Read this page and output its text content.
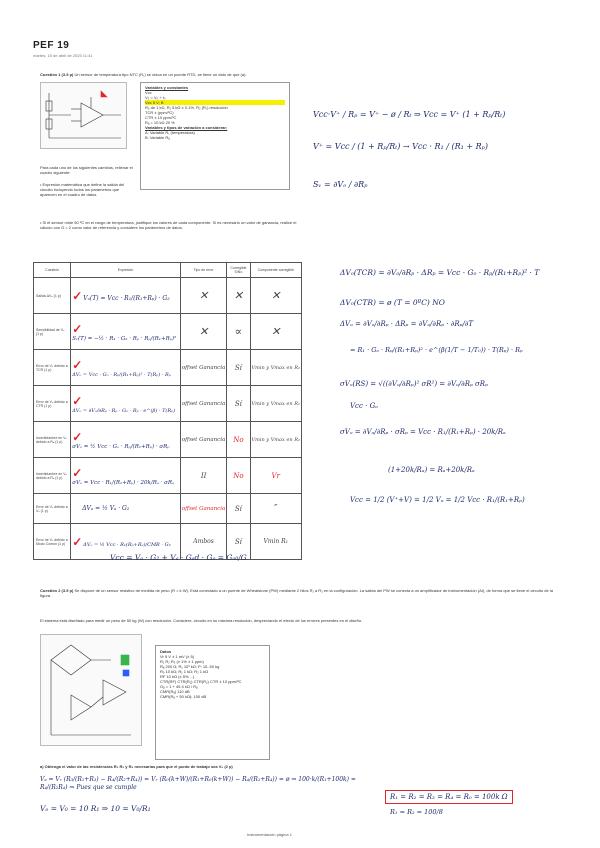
PEF 19
martes, 15 de abril de 2025 11:41
Cuestión 1 (3.5 p) Un sensor de temperatura tipo NTC (Rₜ) se ubica en un puente RTD, se tiene un dato de que (a).
Variables y constantes
Vcc
V₀ = V₀ + t₀
Vcc 5 V; B
R₅ de 1 kΩ, R₁ 5 kΩ ± 0.1%, R₂ (Rₜ) resolución
TCR ± (ppm/ºC)
CTR ± 10 ppm/ºC
Rₐ = 10 kΩ 20 %
Variables y tipos de variación a considerar:
A: Variable Rₜ (temperatura)
B: Variable Rₐ
Para cada uno de los siguientes cambios, rellenar el cuadro siguiente:
• Expresión matemática que define la salida del circuito incluyendo todos los parámetros que aparecen en el cuadro de datos.
• Si el sensor mide 50 ºC en el rango de temperatura, justifique los valores de cada componente. Si es necesario un valor de ganancia, realice el cálculo con G = 2 como valor de referencia y considere los parámetros de datos.
Vcc·V⁺ / Rₚ = V⁺ − ø / Rₜ ⇒ Vcc = V⁺ (1 + Rₚ/Rₜ)
V⁺ = Vcc / (1 + Rₚ/Rₜ) → Vcc · R₁ / (R₁ + Rₚ)
Sᵥ = ∂Vₒ / ∂Rₚ
ΔVₒ(TCR) = ∂Vₒ/∂Rₚ · ΔRₚ = Vcc · Gₒ · Rₚ/(R₁+Rₚ)² · T
ΔVₒ(CTR) = ø (T = 0ºC) NO
ΔVₒ = ∂Vₒ/∂Rₚ · ΔRₚ = ∂Vₒ/∂Rₚ · ∂Rₚ/∂T
= R₁ · Gₒ · Rₚ/(R₁+Rₚ)² · e^(β(1/T − 1/T₀)) · T(Rₚ) · Rₚ
σVₒ(RS) = √((∂Vₒ/∂Rₚ)² σR²) = ∂Vₒ/∂Rₚ σRₚ
Vcc · Gₒ
σVₒ = ∂Vₒ/∂Rₚ · σRₚ = Vcc · R₁/(R₁+Rₚ) · 20k/Rₐ
(1+20k/Rₐ) = Rₐ+20k/Rₐ
Vcc = 1/2 (V⁺+V) = 1/2 Vₒ = 1/2 Vcc · R₁/(R₁+Rₚ)
Cuestión	Expresión	Tipo de error	Corregible S/No	Componente corregible
Salida ΔVₒ (1 p)	✓ Vₒ(T) = Vcc · R₁/(R₁+Rₚ) · G₂	✕	✕	✕
Sensibilidad de Vₒ (1 p)	✓ Sᵥ(T) = −½ · R₁ · G₂ · Rₚ · Rₚ/(R₁+Rₚ)²	✕	∝	✕
Error de Vₒ debido a TCR (1 p)	✓ ΔVₒ = Vcc · Gₒ · Rₚ/(R₁+Rₚ)² · T(Rₚ) · Rₚ	offset Ganancia	Sí	Vmin y Vmax en R₁
Error de Vₒ debido a CTR (1 p)	✓ ΔVₒ = ∂Vₒ/∂Rₚ · Rₚ · Gₒ · Rₚ · e^(β) · T(Rₚ)	offset Ganancia	Sí	Vmin y Vmax en R₁
Incertidumbre en Vₒ debido a Rₐ (1 p)	✓ σVₒ = ½ Vcc · Gₒ · Rₚ/(R₁+Rₚ) · σRₚ	offset Ganancia	No	Vmin y Vmax en R₁
Incertidumbre en Vₒ debido a Rₐ (1 p)	✓ σVₒ = Vcc · R₁/(R₁+Rₚ) · 20k/Rₐ · σRₐ	II	No	Vr
Error de Vₒ debido a Vₒ (1 p)	ΔVₒ = ½ Vₐ · G₂	offset Ganancia	Sí	″
Error de Vₒ debido a Modo Común (1 p)	✓ ΔVₒ = ½ Vcc · R₁(Rₚ+Rₐ)/CMR · G₂	Ambos	Sí	Vmin R₁
Vcc = Vₐ · G₂ + Vₐ · Gₐd · Gₒ = Gₐ₀/G
Cuestión 2 (3.5 p) Se dispone de un sensor resistivo de medida de peso (R = k·W). Está conectado a un puente de Wheatstone (PW) mediante 2 hilos R₁ a R₃ en la configuración. La salida del PW se conecta a un amplificador de instrumentación (AI), de forma que se tiene el circuito de la figura.
El sistema está diseñado para medir un peso de 50 kg (W) con resolución. Considere, circuito en su máxima resolución, despreciando el efecto de los errores presentes en el diseño.
Datos
Vr 5 V ± 1 mV (± 5)
R₁ R₂ R₃ (± 1% ± 1 ppm)
Rₐ 200 Ω; R₁ 10³ kΩ; P: 10..50 kg
R₉ 10 kΩ; R₁ 1 kΩ; R₂ 1 kΩ
RF 10 kΩ (± 5% ...)
CTR(RF) CTR(R₁) CTR(R₂) CTR ± 10 ppm/ºC
Gₐ = 1 + 49.4 kΩ / Rₐ
CMR(Rₐ) 110 dB
CMR(Rₐ + 50 kΩ): 100 dB
a) Obtenga el valor de las resistencias R₁ R₂ y R₄ necesarias para que el punto de trabajo sea V₀ (2 p)
Vₐ = Vᵣ (R₃/(R₁+R₃) − R₄/(R₂+R₄)) = Vᵣ (R₀(k+W)/(R₁+R₀(k+W)) − R₄/(R₂+R₄)) = ø ⇒ 100·k/(R₁+100k) = R₄/(R₂R₄) ⇒ Pues que se cumple
R₁ = R₂ = R₃ = R₄ = R₀ = 100k Ω
Vₒ = V₀ = 10 R₁ ⇒ 10 = V₀/R₁	R₁ = R₂ = 100/8
Instrumentación página 1
